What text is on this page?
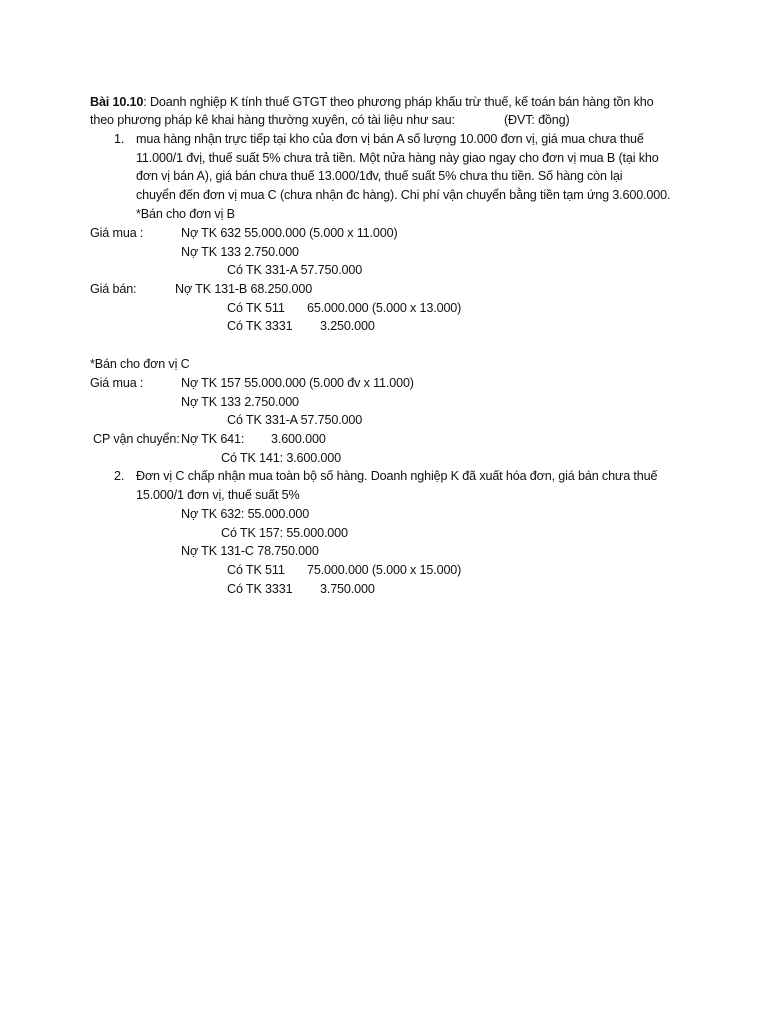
Bài 10.10: Doanh nghiệp K tính thuế GTGT theo phương pháp khấu trừ thuế, kế toán bán hàng tồn kho
theo phương pháp kê khai hàng thường xuyên, có tài liệu như sau:	(ĐVT: đồng)
1. mua hàng nhận trực tiếp tại kho của đơn vị bán A số lượng 10.000 đơn vị, giá mua chưa thuế
11.000/1 đvị, thuế suất 5% chưa trả tiền. Một nửa hàng này giao ngay cho đơn vị mua B (tại kho
đơn vị bán A), giá bán chưa thuế 13.000/1đv, thuế suất 5% chưa thu tiền. Số hàng còn lại
chuyển đến đơn vị mua C (chưa nhận đc hàng). Chi phí vận chuyển bằng tiền tạm ứng 3.600.000.
*Bán cho đơn vị B
Giá mua :	Nợ TK 632 55.000.000 (5.000 x 11.000)
Nợ TK 133 2.750.000
Có TK 331-A 57.750.000
Giá bán:	Nợ TK 131-B 68.250.000
Có TK 511 65.000.000 (5.000 x 13.000)
Có TK 3331 3.250.000
*Bán cho đơn vị C
Giá mua :	Nợ TK 157 55.000.000 (5.000 đv x 11.000)
Nợ TK 133 2.750.000
Có TK 331-A 57.750.000
CP vận chuyển: Nợ TK 641: 3.600.000
Có TK 141: 3.600.000
2. Đơn vị C chấp nhận mua toàn bộ số hàng. Doanh nghiệp K đã xuất hóa đơn, giá bán chưa thuế
15.000/1 đơn vị, thuế suất 5%
Nợ TK 632: 55.000.000
Có TK 157: 55.000.000
Nợ TK 131-C 78.750.000
Có TK 511 75.000.000 (5.000 x 15.000)
Có TK 3331 3.750.000
